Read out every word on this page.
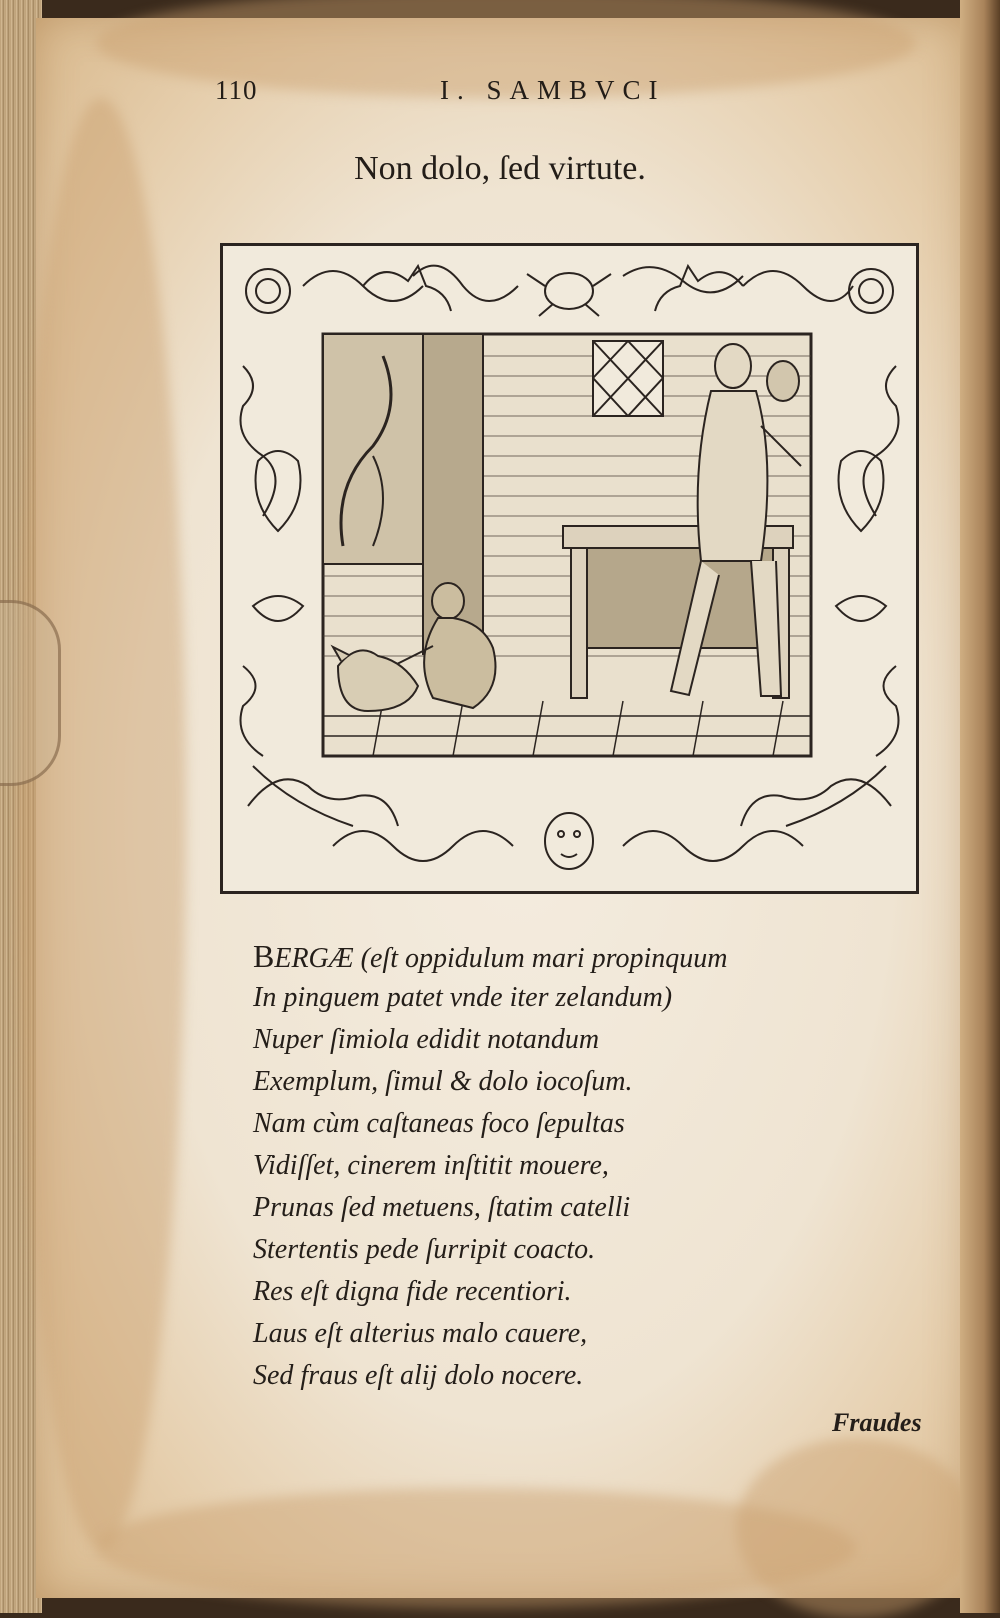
110	I. SAMBVCI
Non dolo, ſed virtute.
BERGÆ (eſt oppidulum mari propinquum
In pinguem patet vnde iter zelandum)
Nuper ſimiola edidit notandum
Exemplum, ſimul & dolo iocoſum.
Nam cùm caſtaneas foco ſepultas
Vidiſſet, cinerem inſtitit mouere,
Prunas ſed metuens, ſtatim catelli
Stertentis pede ſurripit coacto.
Res eſt digna fide recentiori.
Laus eſt alterius malo cauere,
Sed fraus eſt alij dolo nocere.
Fraudes
